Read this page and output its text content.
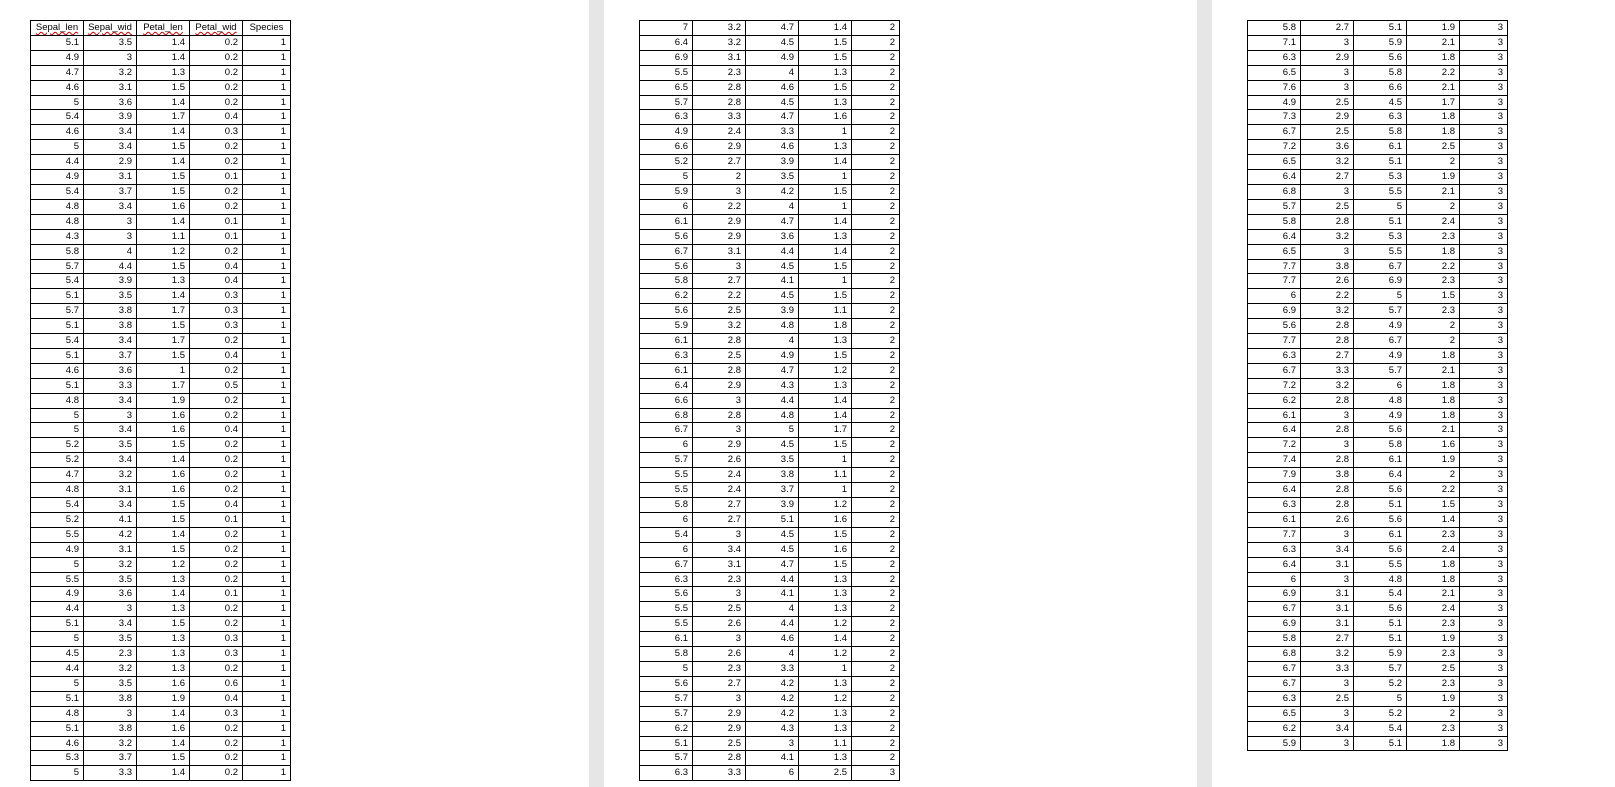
Sepal_len	Sepal_wid	Petal_len	Petal_wid	Species
5.1	3.5	1.4	0.2	1
4.9	3	1.4	0.2	1
4.7	3.2	1.3	0.2	1
4.6	3.1	1.5	0.2	1
5	3.6	1.4	0.2	1
5.4	3.9	1.7	0.4	1
4.6	3.4	1.4	0.3	1
5	3.4	1.5	0.2	1
4.4	2.9	1.4	0.2	1
4.9	3.1	1.5	0.1	1
5.4	3.7	1.5	0.2	1
4.8	3.4	1.6	0.2	1
4.8	3	1.4	0.1	1
4.3	3	1.1	0.1	1
5.8	4	1.2	0.2	1
5.7	4.4	1.5	0.4	1
5.4	3.9	1.3	0.4	1
5.1	3.5	1.4	0.3	1
5.7	3.8	1.7	0.3	1
5.1	3.8	1.5	0.3	1
5.4	3.4	1.7	0.2	1
5.1	3.7	1.5	0.4	1
4.6	3.6	1	0.2	1
5.1	3.3	1.7	0.5	1
4.8	3.4	1.9	0.2	1
5	3	1.6	0.2	1
5	3.4	1.6	0.4	1
5.2	3.5	1.5	0.2	1
5.2	3.4	1.4	0.2	1
4.7	3.2	1.6	0.2	1
4.8	3.1	1.6	0.2	1
5.4	3.4	1.5	0.4	1
5.2	4.1	1.5	0.1	1
5.5	4.2	1.4	0.2	1
4.9	3.1	1.5	0.2	1
5	3.2	1.2	0.2	1
5.5	3.5	1.3	0.2	1
4.9	3.6	1.4	0.1	1
4.4	3	1.3	0.2	1
5.1	3.4	1.5	0.2	1
5	3.5	1.3	0.3	1
4.5	2.3	1.3	0.3	1
4.4	3.2	1.3	0.2	1
5	3.5	1.6	0.6	1
5.1	3.8	1.9	0.4	1
4.8	3	1.4	0.3	1
5.1	3.8	1.6	0.2	1
4.6	3.2	1.4	0.2	1
5.3	3.7	1.5	0.2	1
5	3.3	1.4	0.2	1
7	3.2	4.7	1.4	2
6.4	3.2	4.5	1.5	2
6.9	3.1	4.9	1.5	2
5.5	2.3	4	1.3	2
6.5	2.8	4.6	1.5	2
5.7	2.8	4.5	1.3	2
6.3	3.3	4.7	1.6	2
4.9	2.4	3.3	1	2
6.6	2.9	4.6	1.3	2
5.2	2.7	3.9	1.4	2
5	2	3.5	1	2
5.9	3	4.2	1.5	2
6	2.2	4	1	2
6.1	2.9	4.7	1.4	2
5.6	2.9	3.6	1.3	2
6.7	3.1	4.4	1.4	2
5.6	3	4.5	1.5	2
5.8	2.7	4.1	1	2
6.2	2.2	4.5	1.5	2
5.6	2.5	3.9	1.1	2
5.9	3.2	4.8	1.8	2
6.1	2.8	4	1.3	2
6.3	2.5	4.9	1.5	2
6.1	2.8	4.7	1.2	2
6.4	2.9	4.3	1.3	2
6.6	3	4.4	1.4	2
6.8	2.8	4.8	1.4	2
6.7	3	5	1.7	2
6	2.9	4.5	1.5	2
5.7	2.6	3.5	1	2
5.5	2.4	3.8	1.1	2
5.5	2.4	3.7	1	2
5.8	2.7	3.9	1.2	2
6	2.7	5.1	1.6	2
5.4	3	4.5	1.5	2
6	3.4	4.5	1.6	2
6.7	3.1	4.7	1.5	2
6.3	2.3	4.4	1.3	2
5.6	3	4.1	1.3	2
5.5	2.5	4	1.3	2
5.5	2.6	4.4	1.2	2
6.1	3	4.6	1.4	2
5.8	2.6	4	1.2	2
5	2.3	3.3	1	2
5.6	2.7	4.2	1.3	2
5.7	3	4.2	1.2	2
5.7	2.9	4.2	1.3	2
6.2	2.9	4.3	1.3	2
5.1	2.5	3	1.1	2
5.7	2.8	4.1	1.3	2
6.3	3.3	6	2.5	3
5.8	2.7	5.1	1.9	3
7.1	3	5.9	2.1	3
6.3	2.9	5.6	1.8	3
6.5	3	5.8	2.2	3
7.6	3	6.6	2.1	3
4.9	2.5	4.5	1.7	3
7.3	2.9	6.3	1.8	3
6.7	2.5	5.8	1.8	3
7.2	3.6	6.1	2.5	3
6.5	3.2	5.1	2	3
6.4	2.7	5.3	1.9	3
6.8	3	5.5	2.1	3
5.7	2.5	5	2	3
5.8	2.8	5.1	2.4	3
6.4	3.2	5.3	2.3	3
6.5	3	5.5	1.8	3
7.7	3.8	6.7	2.2	3
7.7	2.6	6.9	2.3	3
6	2.2	5	1.5	3
6.9	3.2	5.7	2.3	3
5.6	2.8	4.9	2	3
7.7	2.8	6.7	2	3
6.3	2.7	4.9	1.8	3
6.7	3.3	5.7	2.1	3
7.2	3.2	6	1.8	3
6.2	2.8	4.8	1.8	3
6.1	3	4.9	1.8	3
6.4	2.8	5.6	2.1	3
7.2	3	5.8	1.6	3
7.4	2.8	6.1	1.9	3
7.9	3.8	6.4	2	3
6.4	2.8	5.6	2.2	3
6.3	2.8	5.1	1.5	3
6.1	2.6	5.6	1.4	3
7.7	3	6.1	2.3	3
6.3	3.4	5.6	2.4	3
6.4	3.1	5.5	1.8	3
6	3	4.8	1.8	3
6.9	3.1	5.4	2.1	3
6.7	3.1	5.6	2.4	3
6.9	3.1	5.1	2.3	3
5.8	2.7	5.1	1.9	3
6.8	3.2	5.9	2.3	3
6.7	3.3	5.7	2.5	3
6.7	3	5.2	2.3	3
6.3	2.5	5	1.9	3
6.5	3	5.2	2	3
6.2	3.4	5.4	2.3	3
5.9	3	5.1	1.8	3
